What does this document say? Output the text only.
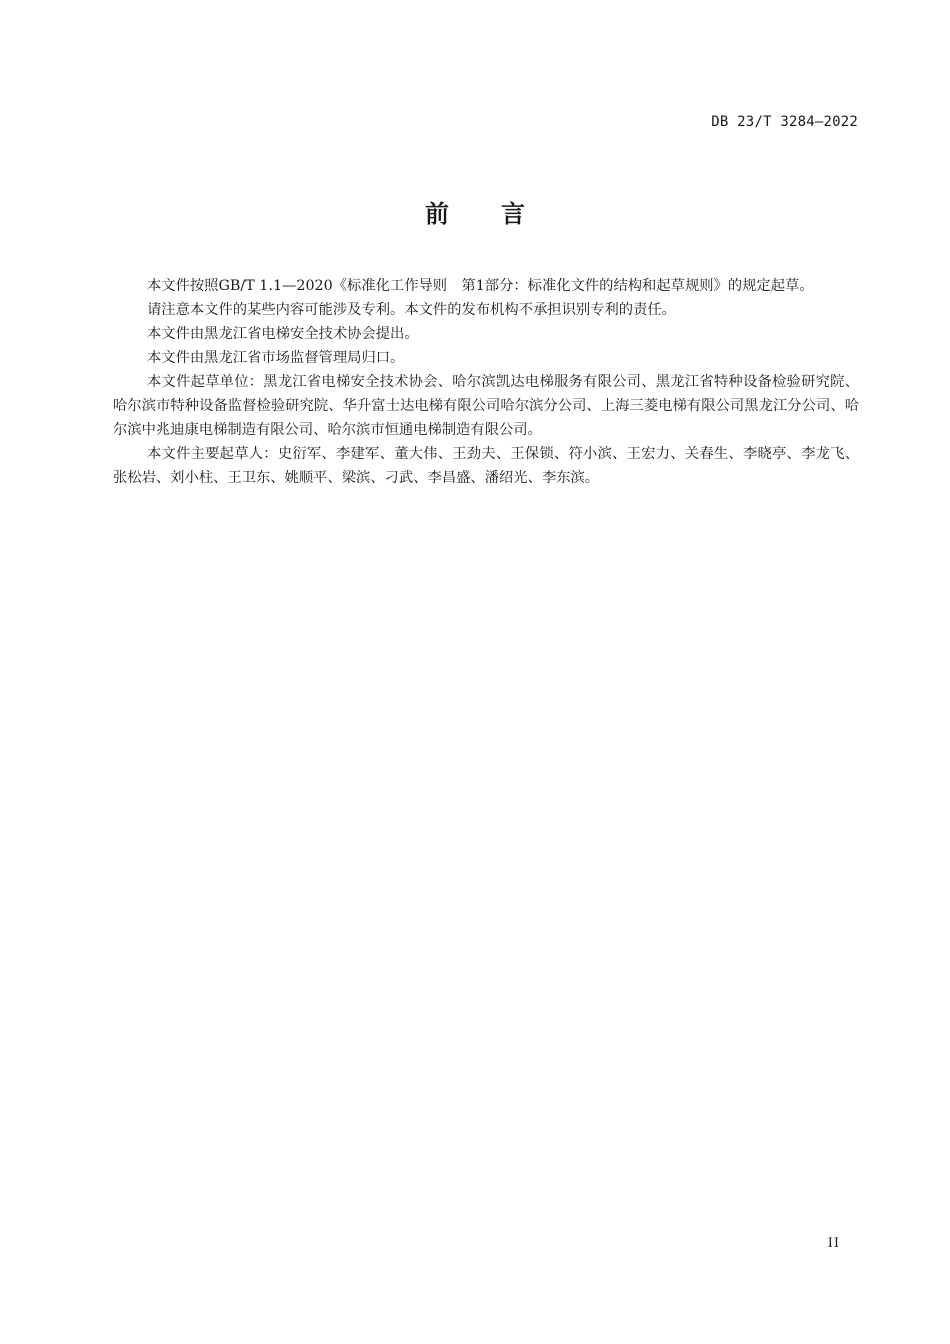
DB 23/T 3284—2022
前言

本文件按照GB/T 1.1—2020《标准化工作导则　第1部分：标准化文件的结构和起草规则》的规定起草。

请注意本文件的某些内容可能涉及专利。本文件的发布机构不承担识别专利的责任。

本文件由黑龙江省电梯安全技术协会提出。

本文件由黑龙江省市场监督管理局归口。

本文件起草单位：黑龙江省电梯安全技术协会、哈尔滨凯达电梯服务有限公司、黑龙江省特种设备检验研究院、哈尔滨市特种设备监督检验研究院、华升富士达电梯有限公司哈尔滨分公司、上海三菱电梯有限公司黑龙江分公司、哈尔滨中兆迪康电梯制造有限公司、哈尔滨市恒通电梯制造有限公司。

本文件主要起草人：史衍军、李建军、董大伟、王劲夫、王保锁、符小滨、王宏力、关春生、李晓亭、李龙飞、张松岩、刘小柱、王卫东、姚顺平、梁滨、刁武、李昌盛、潘绍光、李东滨。

II
